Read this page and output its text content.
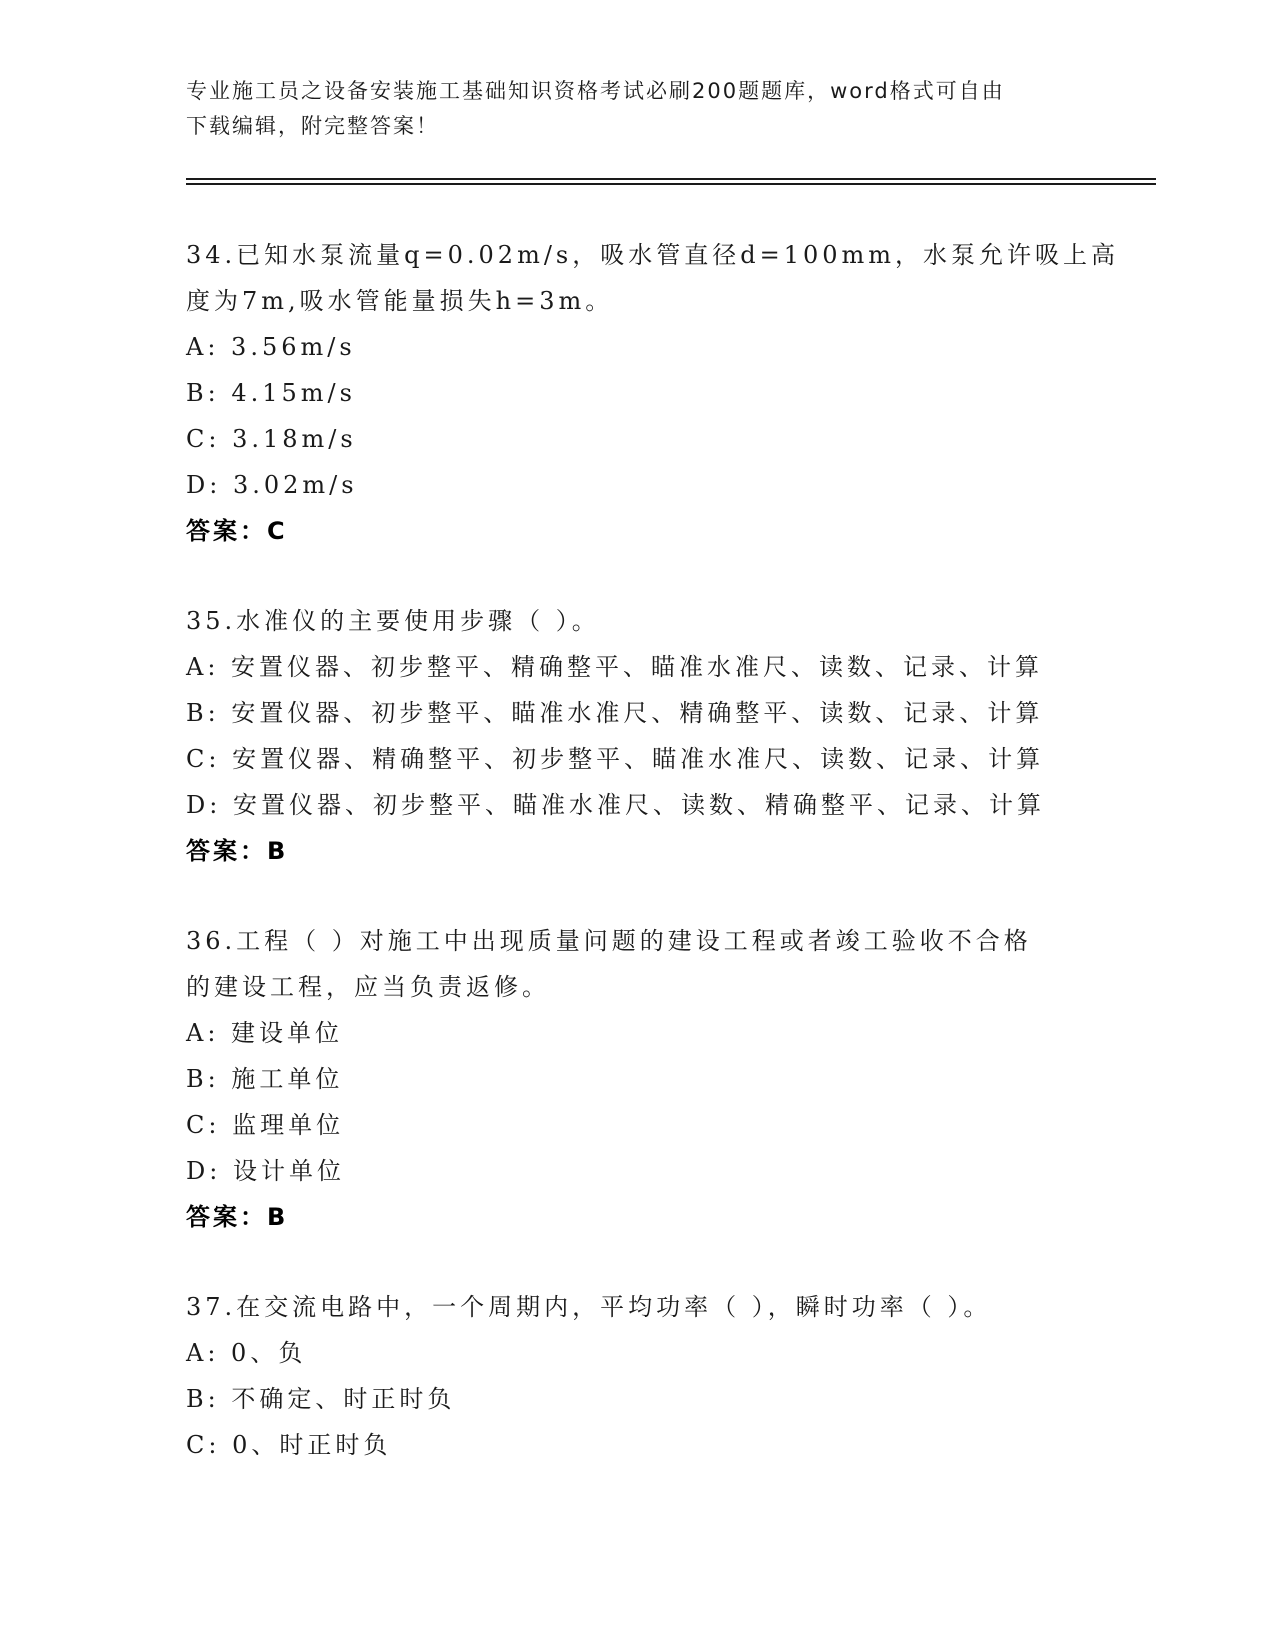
专业施工员之设备安装施工基础知识资格考试必刷200题题库，word格式可自由
下载编辑，附完整答案！
34.已知水泵流量q=0.02m/s，吸水管直径d=100mm，水泵允许吸上高
度为7m,吸水管能量损失h=3m。
A: 3.56m/s
B: 4.15m/s
C: 3.18m/s
D: 3.02m/s
答案：C
35.水准仪的主要使用步骤（ ）。
A: 安置仪器、初步整平、精确整平、瞄准水准尺、读数、记录、计算
B: 安置仪器、初步整平、瞄准水准尺、精确整平、读数、记录、计算
C: 安置仪器、精确整平、初步整平、瞄准水准尺、读数、记录、计算
D: 安置仪器、初步整平、瞄准水准尺、读数、精确整平、记录、计算
答案：B
36.工程（ ）对施工中出现质量问题的建设工程或者竣工验收不合格
的建设工程，应当负责返修。
A: 建设单位
B: 施工单位
C: 监理单位
D: 设计单位
答案：B
37.在交流电路中，一个周期内，平均功率（ ），瞬时功率（ ）。
A: 0、负
B: 不确定、时正时负
C: 0、时正时负
